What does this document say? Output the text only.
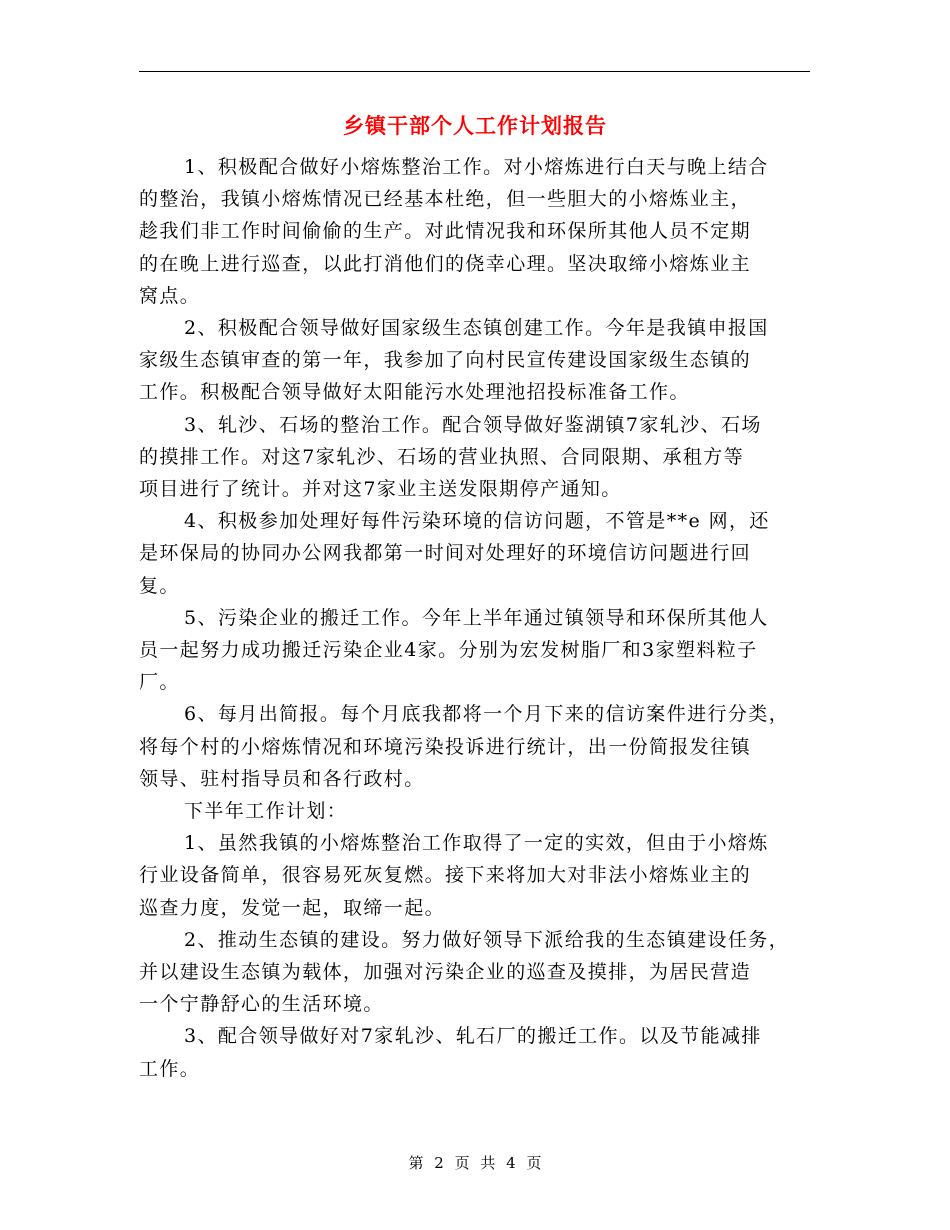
乡镇干部个人工作计划报告
1、积极配合做好小熔炼整治工作。对小熔炼进行白天与晚上结合
的整治，我镇小熔炼情况已经基本杜绝，但一些胆大的小熔炼业主，
趁我们非工作时间偷偷的生产。对此情况我和环保所其他人员不定期
的在晚上进行巡查，以此打消他们的侥幸心理。坚决取缔小熔炼业主
窝点。
2、积极配合领导做好国家级生态镇创建工作。今年是我镇申报国
家级生态镇审查的第一年，我参加了向村民宣传建设国家级生态镇的
工作。积极配合领导做好太阳能污水处理池招投标准备工作。
3、轧沙、石场的整治工作。配合领导做好鉴湖镇7家轧沙、石场
的摸排工作。对这7家轧沙、石场的营业执照、合同限期、承租方等
项目进行了统计。并对这7家业主送发限期停产通知。
4、积极参加处理好每件污染环境的信访问题，不管是**e 网，还
是环保局的协同办公网我都第一时间对处理好的环境信访问题进行回
复。
5、污染企业的搬迁工作。今年上半年通过镇领导和环保所其他人
员一起努力成功搬迁污染企业4家。分别为宏发树脂厂和3家塑料粒子
厂。
6、每月出简报。每个月底我都将一个月下来的信访案件进行分类，
将每个村的小熔炼情况和环境污染投诉进行统计，出一份简报发往镇
领导、驻村指导员和各行政村。
下半年工作计划：
1、虽然我镇的小熔炼整治工作取得了一定的实效，但由于小熔炼
行业设备简单，很容易死灰复燃。接下来将加大对非法小熔炼业主的
巡查力度，发觉一起，取缔一起。
2、推动生态镇的建设。努力做好领导下派给我的生态镇建设任务，
并以建设生态镇为载体，加强对污染企业的巡查及摸排，为居民营造
一个宁静舒心的生活环境。
3、配合领导做好对7家轧沙、轧石厂的搬迁工作。以及节能减排
工作。
第 2 页 共 4 页
